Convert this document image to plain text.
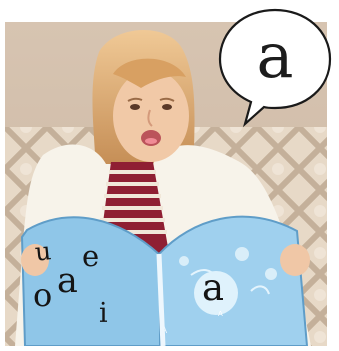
u e
o a
i
a
A
A
a
